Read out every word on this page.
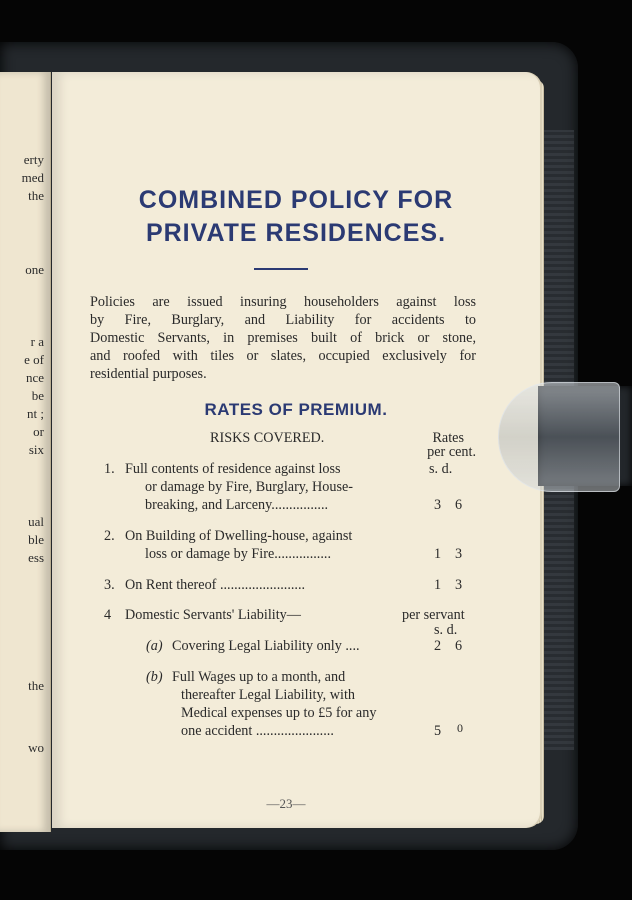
erty
med
the
one
r a
e of
nce
be
nt ;
or
six
ual
ble
ess
the
wo
COMBINED POLICY FOR
PRIVATE RESIDENCES.
Policies are issued insuring householders against loss
by Fire, Burglary, and Liability for accidents to
Domestic Servants, in premises built of brick or stone,
and roofed with tiles or slates, occupied exclusively for
residential purposes.
RATES OF PREMIUM.
RISKS COVERED.	Rates
per cent.
1. Full contents of residence against loss	s. d.
or damage by Fire, Burglary, House-
breaking, and Larceny................	3 6
2. On Building of Dwelling-house, against
loss or damage by Fire................	1 3
3. On Rent thereof ........................	1 3
4 Domestic Servants' Liability—	per servant
s. d.
(a) Covering Legal Liability only ....	2 6
(b) Full Wages up to a month, and
thereafter Legal Liability, with
Medical expenses up to £5 for any
one accident ......................	5 0
—23—
